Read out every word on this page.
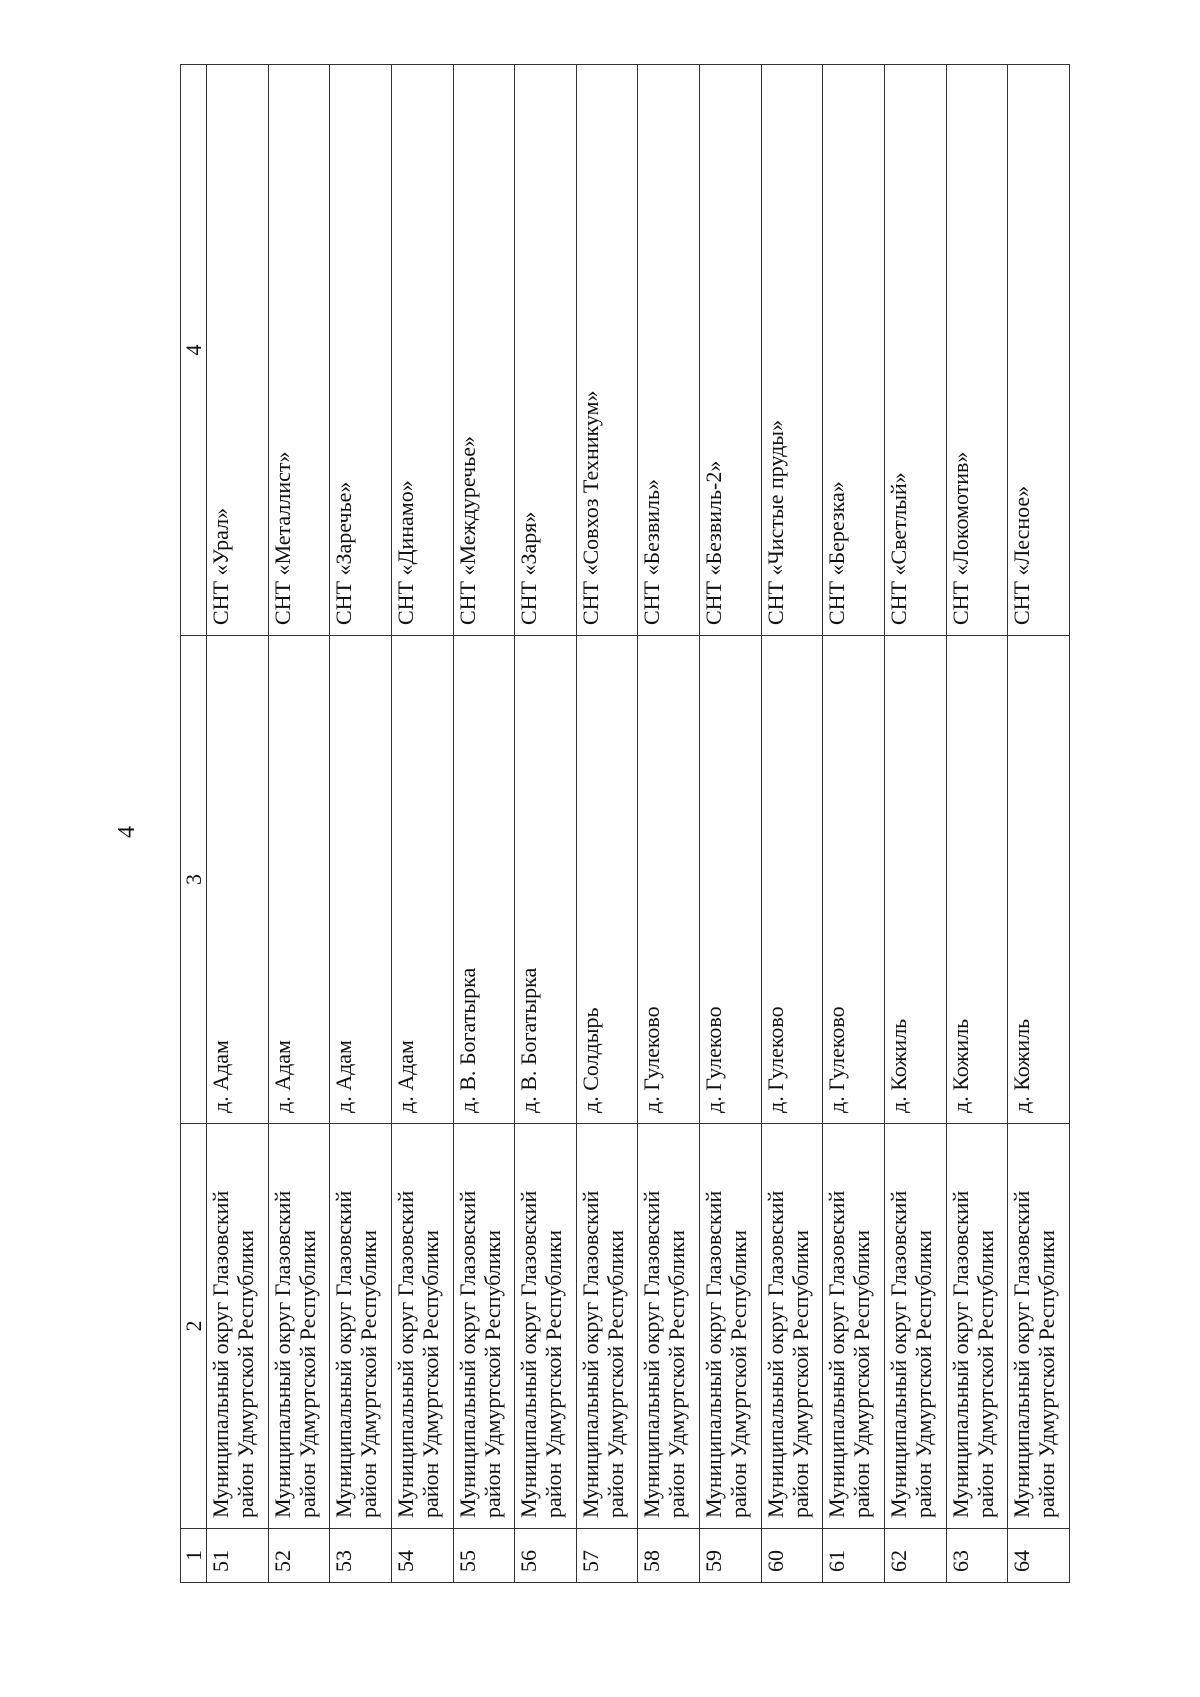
4
1	2	3	4
51	Муниципальный округ Глазовский район Удмуртской Республики	д. Адам	СНТ «Урал»
52	Муниципальный округ Глазовский район Удмуртской Республики	д. Адам	СНТ «Металлист»
53	Муниципальный округ Глазовский район Удмуртской Республики	д. Адам	СНТ «Заречье»
54	Муниципальный округ Глазовский район Удмуртской Республики	д. Адам	СНТ «Динамо»
55	Муниципальный округ Глазовский район Удмуртской Республики	д. В. Богатырка	СНТ «Междуречье»
56	Муниципальный округ Глазовский район Удмуртской Республики	д. В. Богатырка	СНТ «Заря»
57	Муниципальный округ Глазовский район Удмуртской Республики	д. Солдырь	СНТ «Совхоз Техникум»
58	Муниципальный округ Глазовский район Удмуртской Республики	д. Гулеково	СНТ «Безвиль»
59	Муниципальный округ Глазовский район Удмуртской Республики	д. Гулеково	СНТ «Безвиль-2»
60	Муниципальный округ Глазовский район Удмуртской Республики	д. Гулеково	СНТ «Чистые пруды»
61	Муниципальный округ Глазовский район Удмуртской Республики	д. Гулеково	СНТ «Березка»
62	Муниципальный округ Глазовский район Удмуртской Республики	д. Кожиль	СНТ «Светлый»
63	Муниципальный округ Глазовский район Удмуртской Республики	д. Кожиль	СНТ «Локомотив»
64	Муниципальный округ Глазовский район Удмуртской Республики	д. Кожиль	СНТ «Лесное»
